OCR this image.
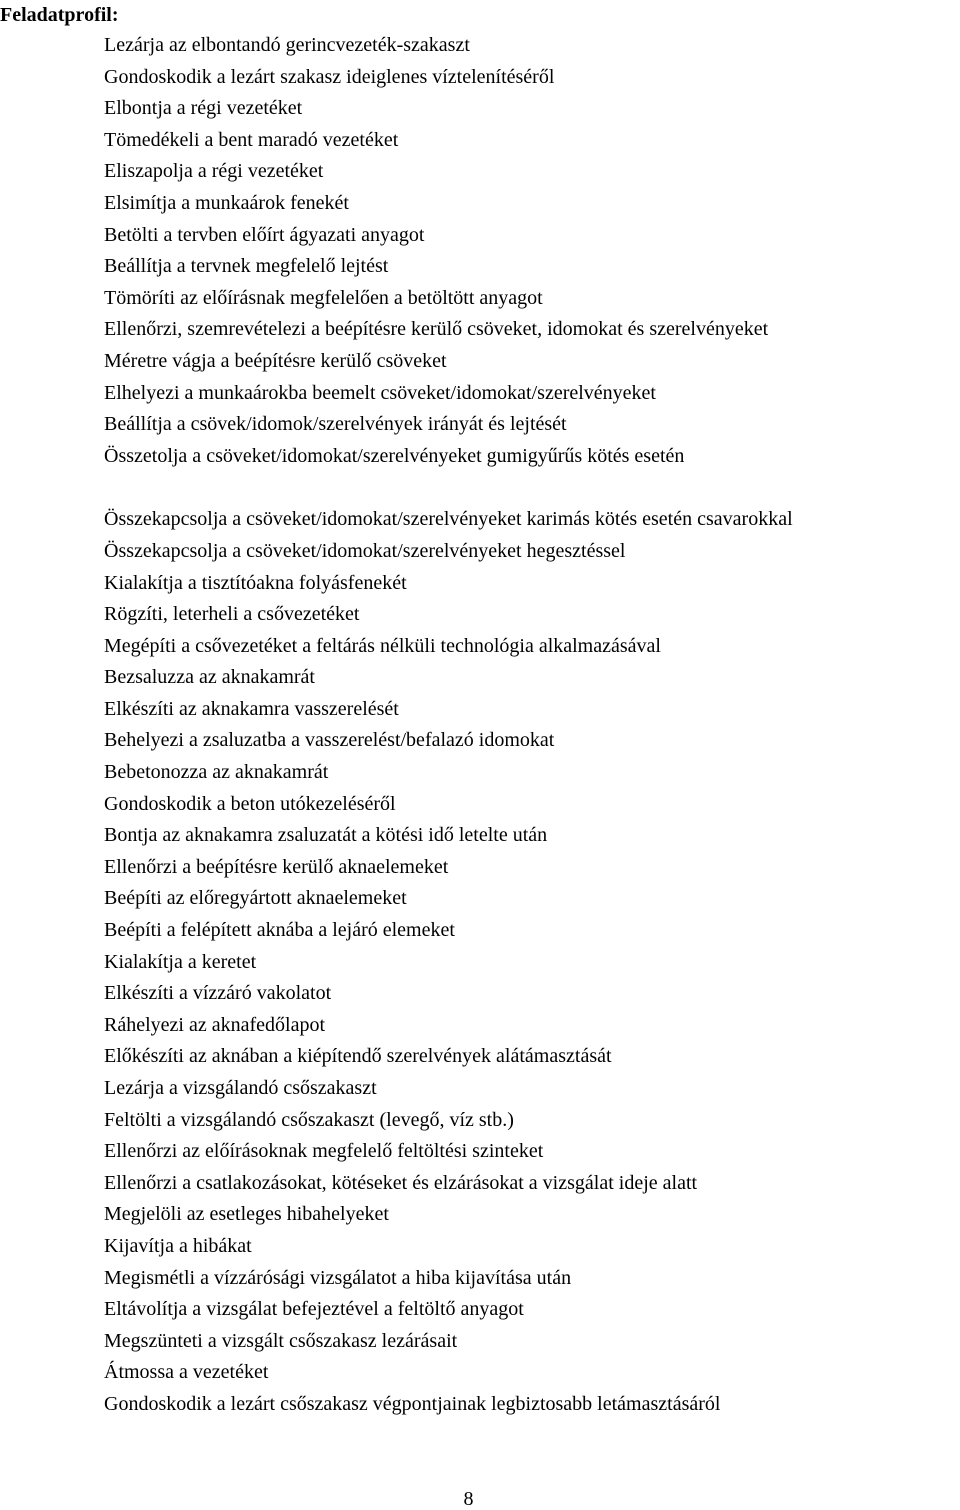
Feladatprofil:
Lezárja az elbontandó gerincvezeték-szakaszt
Gondoskodik a lezárt szakasz ideiglenes víztelenítéséről
Elbontja a régi vezetéket
Tömedékeli a bent maradó vezetéket
Eliszapolja a régi vezetéket
Elsimítja a munkaárok fenekét
Betölti a tervben előírt ágyazati anyagot
Beállítja a tervnek megfelelő lejtést
Tömöríti az előírásnak megfelelően a betöltött anyagot
Ellenőrzi, szemrevételezi a beépítésre kerülő csöveket, idomokat és szerelvényeket
Méretre vágja a beépítésre kerülő csöveket
Elhelyezi a munkaárokba beemelt csöveket/idomokat/szerelvényeket
Beállítja a csövek/idomok/szerelvények irányát és lejtését
Összetolja a csöveket/idomokat/szerelvényeket gumigyűrűs kötés esetén
Összekapcsolja a csöveket/idomokat/szerelvényeket karimás kötés esetén csavarokkal
Összekapcsolja a csöveket/idomokat/szerelvényeket hegesztéssel
Kialakítja a tisztítóakna folyásfenekét
Rögzíti, leterheli a csővezetéket
Megépíti a csővezetéket a feltárás nélküli technológia alkalmazásával
Bezsaluzza az aknakamrát
Elkészíti az aknakamra vasszerelését
Behelyezi a zsaluzatba a vasszerelést/befalazó idomokat
Bebetonozza az aknakamrát
Gondoskodik a beton utókezeléséről
Bontja az aknakamra zsaluzatát a kötési idő letelte után
Ellenőrzi a beépítésre kerülő aknaelemeket
Beépíti az előregyártott aknaelemeket
Beépíti a felépített aknába a lejáró elemeket
Kialakítja a keretet
Elkészíti a vízzáró vakolatot
Ráhelyezi az aknafedőlapot
Előkészíti az aknában a kiépítendő szerelvények alátámasztását
Lezárja a vizsgálandó csőszakaszt
Feltölti a vizsgálandó csőszakaszt (levegő, víz stb.)
Ellenőrzi az előírásoknak megfelelő feltöltési szinteket
Ellenőrzi a csatlakozásokat, kötéseket és elzárásokat a vizsgálat ideje alatt
Megjelöli az esetleges hibahelyeket
Kijavítja a hibákat
Megismétli a vízzárósági vizsgálatot a hiba kijavítása után
Eltávolítja a vizsgálat befejeztével a feltöltő anyagot
Megszünteti a vizsgált csőszakasz lezárásait
Átmossa a vezetéket
Gondoskodik a lezárt csőszakasz végpontjainak legbiztosabb letámasztásáról
8
